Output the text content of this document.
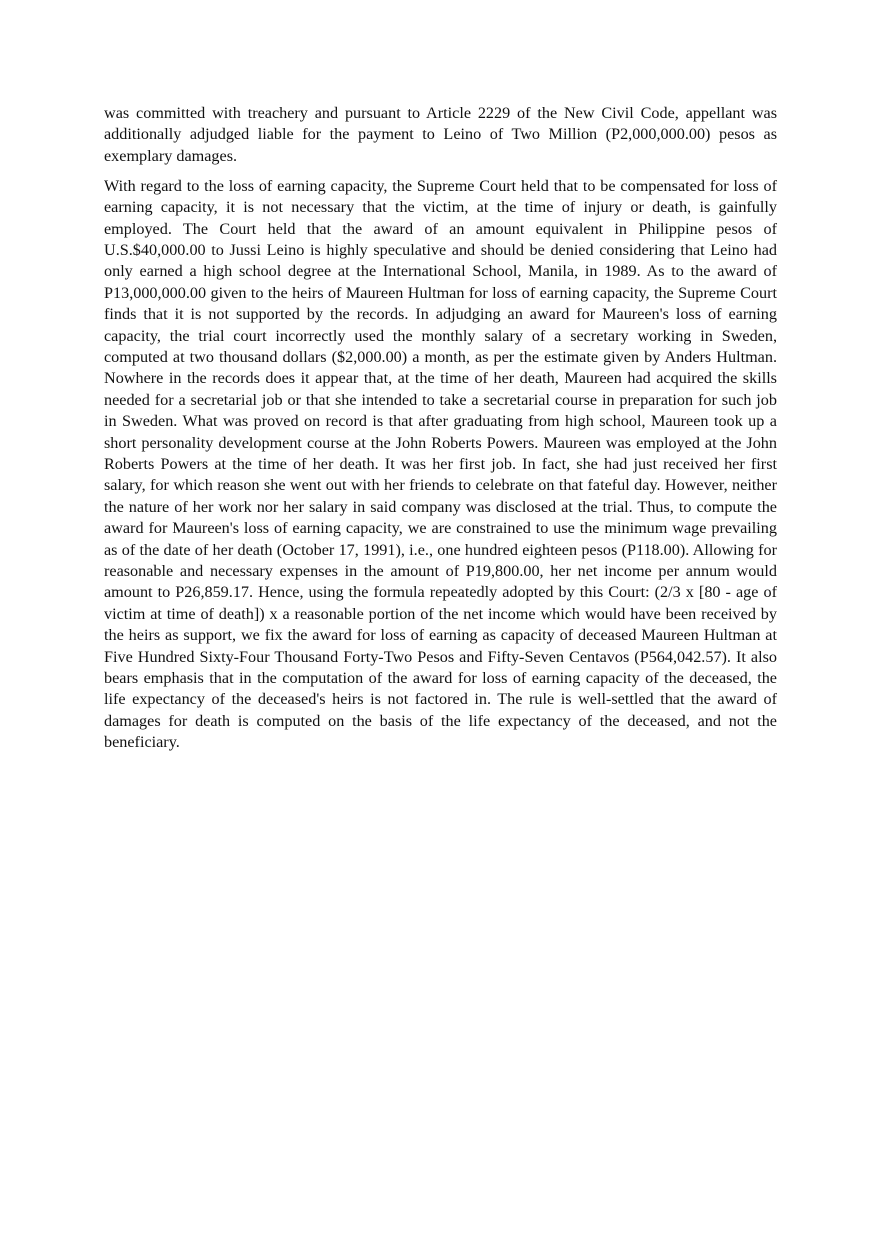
was committed with treachery and pursuant to Article 2229 of the New Civil Code, appellant was additionally adjudged liable for the payment to Leino of Two Million (P2,000,000.00) pesos as exemplary damages.

With regard to the loss of earning capacity, the Supreme Court held that to be compensated for loss of earning capacity, it is not necessary that the victim, at the time of injury or death, is gainfully employed. The Court held that the award of an amount equivalent in Philippine pesos of U.S.$40,000.00 to Jussi Leino is highly speculative and should be denied considering that Leino had only earned a high school degree at the International School, Manila, in 1989. As to the award of P13,000,000.00 given to the heirs of Maureen Hultman for loss of earning capacity, the Supreme Court finds that it is not supported by the records. In adjudging an award for Maureen's loss of earning capacity, the trial court incorrectly used the monthly salary of a secretary working in Sweden, computed at two thousand dollars ($2,000.00) a month, as per the estimate given by Anders Hultman. Nowhere in the records does it appear that, at the time of her death, Maureen had acquired the skills needed for a secretarial job or that she intended to take a secretarial course in preparation for such job in Sweden. What was proved on record is that after graduating from high school, Maureen took up a short personality development course at the John Roberts Powers. Maureen was employed at the John Roberts Powers at the time of her death. It was her first job. In fact, she had just received her first salary, for which reason she went out with her friends to celebrate on that fateful day. However, neither the nature of her work nor her salary in said company was disclosed at the trial. Thus, to compute the award for Maureen's loss of earning capacity, we are constrained to use the minimum wage prevailing as of the date of her death (October 17, 1991), i.e., one hundred eighteen pesos (P118.00). Allowing for reasonable and necessary expenses in the amount of P19,800.00, her net income per annum would amount to P26,859.17. Hence, using the formula repeatedly adopted by this Court: (2/3 x [80 - age of victim at time of death]) x a reasonable portion of the net income which would have been received by the heirs as support, we fix the award for loss of earning as capacity of deceased Maureen Hultman at Five Hundred Sixty-Four Thousand Forty-Two Pesos and Fifty-Seven Centavos (P564,042.57). It also bears emphasis that in the computation of the award for loss of earning capacity of the deceased, the life expectancy of the deceased's heirs is not factored in. The rule is well-settled that the award of damages for death is computed on the basis of the life expectancy of the deceased, and not the beneficiary.
